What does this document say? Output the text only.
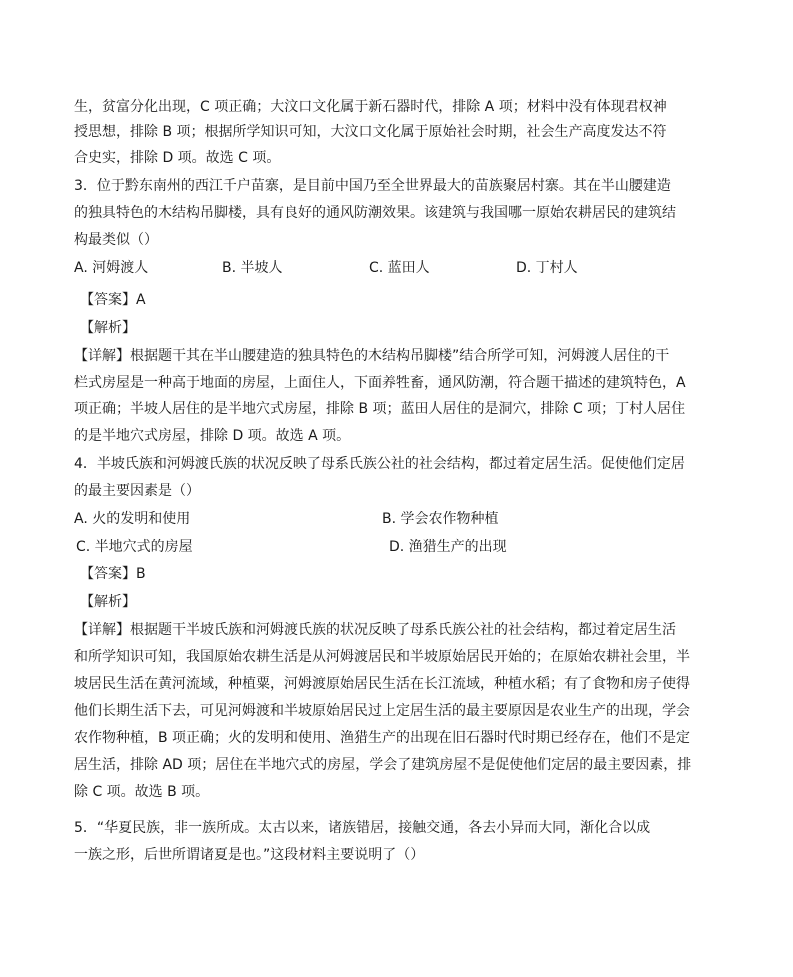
生，贫富分化出现，C 项正确；大汶口文化属于新石器时代，排除 A 项；材料中没有体现君权神
授思想，排除 B 项；根据所学知识可知，大汶口文化属于原始社会时期，社会生产高度发达不符
合史实，排除 D 项。故选 C 项。
3．位于黔东南州的西江千户苗寨，是目前中国乃至全世界最大的苗族聚居村寨。其在半山腰建造
的独具特色的木结构吊脚楼，具有良好的通风防潮效果。该建筑与我国哪一原始农耕居民的建筑结
构最类似（）
A. 河姆渡人	B. 半坡人	C. 蓝田人	D. 丁村人
【答案】A
【解析】
【详解】根据题干其在半山腰建造的独具特色的木结构吊脚楼”结合所学可知，河姆渡人居住的干
栏式房屋是一种高于地面的房屋，上面住人，下面养牲畜，通风防潮，符合题干描述的建筑特色，A
项正确；半坡人居住的是半地穴式房屋，排除 B 项；蓝田人居住的是洞穴，排除 C 项；丁村人居住
的是半地穴式房屋，排除 D 项。故选 A 项。
4．半坡氏族和河姆渡氏族的状况反映了母系氏族公社的社会结构，都过着定居生活。促使他们定居
的最主要因素是（）
A. 火的发明和使用	B. 学会农作物种植
C. 半地穴式的房屋	D. 渔猎生产的出现
【答案】B
【解析】
【详解】根据题干半坡氏族和河姆渡氏族的状况反映了母系氏族公社的社会结构，都过着定居生活
和所学知识可知，我国原始农耕生活是从河姆渡居民和半坡原始居民开始的；在原始农耕社会里，半
坡居民生活在黄河流域，种植粟，河姆渡原始居民生活在长江流域，种植水稻；有了食物和房子使得
他们长期生活下去，可见河姆渡和半坡原始居民过上定居生活的最主要原因是农业生产的出现，学会
农作物种植，B 项正确；火的发明和使用、渔猎生产的出现在旧石器时代时期已经存在，他们不是定
居生活，排除 AD 项；居住在半地穴式的房屋，学会了建筑房屋不是促使他们定居的最主要因素，排
除 C 项。故选 B 项。
5．“华夏民族，非一族所成。太古以来，诸族错居，接触交通，各去小异而大同，渐化合以成
一族之形，后世所谓诸夏是也。”这段材料主要说明了（）
